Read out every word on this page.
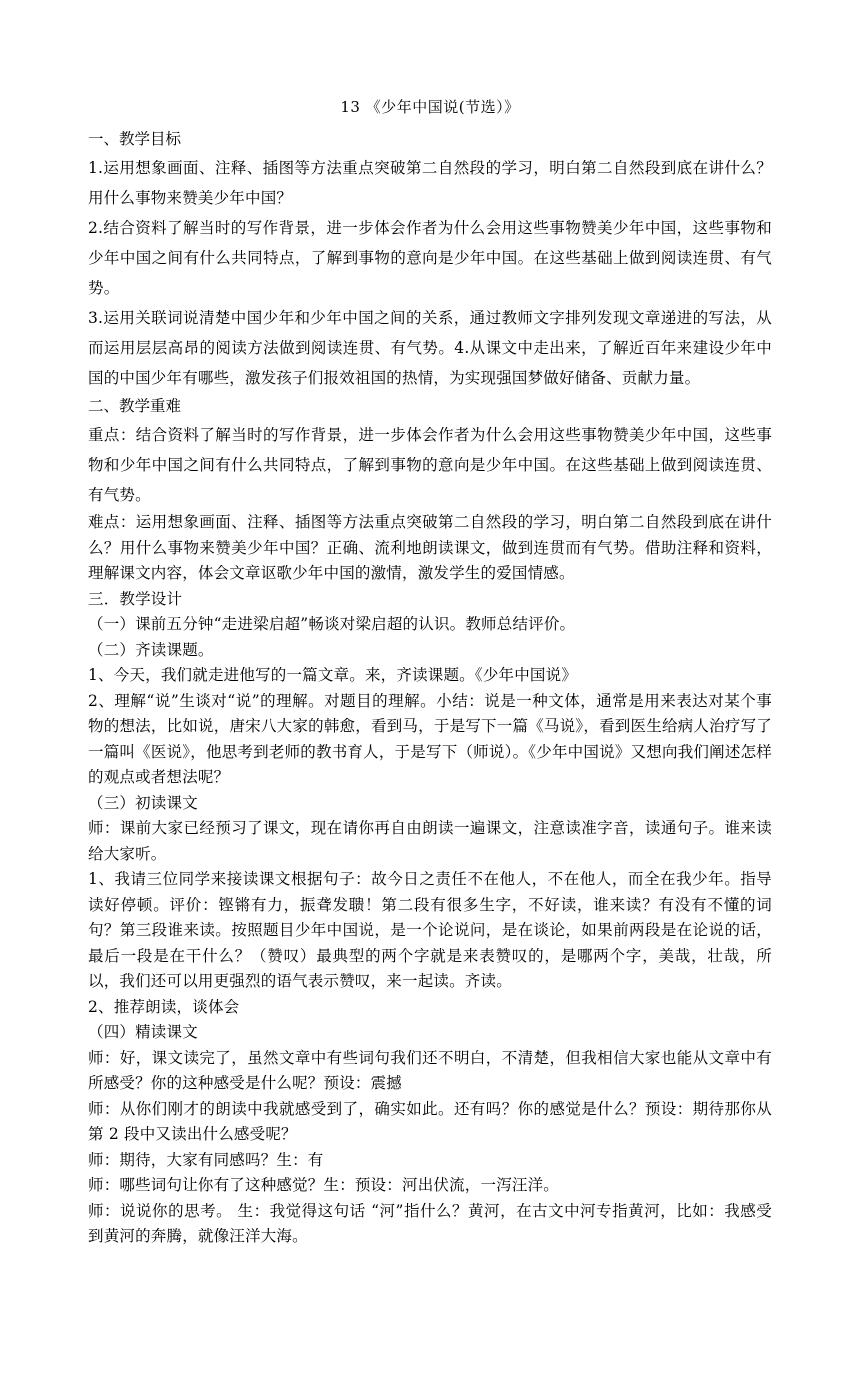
13 《少年中国说(节选）》

一、教学目标

1.运用想象画面、注释、插图等方法重点突破第二自然段的学习，明白第二自然段到底在讲什么？用什么事物来赞美少年中国？

2.结合资料了解当时的写作背景，进一步体会作者为什么会用这些事物赞美少年中国，这些事物和少年中国之间有什么共同特点，了解到事物的意向是少年中国。在这些基础上做到阅读连贯、有气势。

3.运用关联词说清楚中国少年和少年中国之间的关系，通过教师文字排列发现文章递进的写法，从而运用层层高昂的阅读方法做到阅读连贯、有气势。4.从课文中走出来，了解近百年来建设少年中国的中国少年有哪些，激发孩子们报效祖国的热情，为实现强国梦做好储备、贡献力量。

二、教学重难

重点：结合资料了解当时的写作背景，进一步体会作者为什么会用这些事物赞美少年中国，这些事物和少年中国之间有什么共同特点，了解到事物的意向是少年中国。在这些基础上做到阅读连贯、有气势。

难点：运用想象画面、注释、插图等方法重点突破第二自然段的学习，明白第二自然段到底在讲什么？用什么事物来赞美少年中国？正确、流利地朗读课文，做到连贯而有气势。借助注释和资料，理解课文内容，体会文章讴歌少年中国的激情，激发学生的爱国情感。

三．教学设计

（一）课前五分钟“走进梁启超”畅谈对梁启超的认识。教师总结评价。

（二）齐读课题。

1、今天，我们就走进他写的一篇文章。来，齐读课题。《少年中国说》

2、理解“说”生谈对“说”的理解。对题目的理解。小结：说是一种文体，通常是用来表达对某个事物的想法，比如说，唐宋八大家的韩愈，看到马，于是写下一篇《马说》，看到医生给病人治疗写了一篇叫《医说》，他思考到老师的教书育人，于是写下（师说）。《少年中国说》又想向我们阐述怎样的观点或者想法呢？

（三）初读课文

师：课前大家已经预习了课文，现在请你再自由朗读一遍课文，注意读准字音，读通句子。谁来读给大家听。

1、我请三位同学来接读课文根据句子：故今日之责任不在他人，不在他人，而全在我少年。指导读好停顿。评价：铿锵有力，振聋发聩！第二段有很多生字，不好读，谁来读？有没有不懂的词句？第三段谁来读。按照题目少年中国说，是一个论说问，是在谈论，如果前两段是在论说的话，最后一段是在干什么？（赞叹）最典型的两个字就是来表赞叹的，是哪两个字，美哉，壮哉，所以，我们还可以用更强烈的语气表示赞叹，来一起读。齐读。

2、推荐朗读，谈体会

（四）精读课文

师：好，课文读完了，虽然文章中有些词句我们还不明白，不清楚，但我相信大家也能从文章中有所感受？你的这种感受是什么呢？预设：震撼

师：从你们刚才的朗读中我就感受到了，确实如此。还有吗？你的感觉是什么？预设：期待那你从第 2 段中又读出什么感受呢？

师：期待，大家有同感吗？生：有

师：哪些词句让你有了这种感觉？生：预设：河出伏流，一泻汪洋。

师：说说你的思考。 生：我觉得这句话 “河”指什么？黄河，在古文中河专指黄河，比如：我感受到黄河的奔腾，就像汪洋大海。
